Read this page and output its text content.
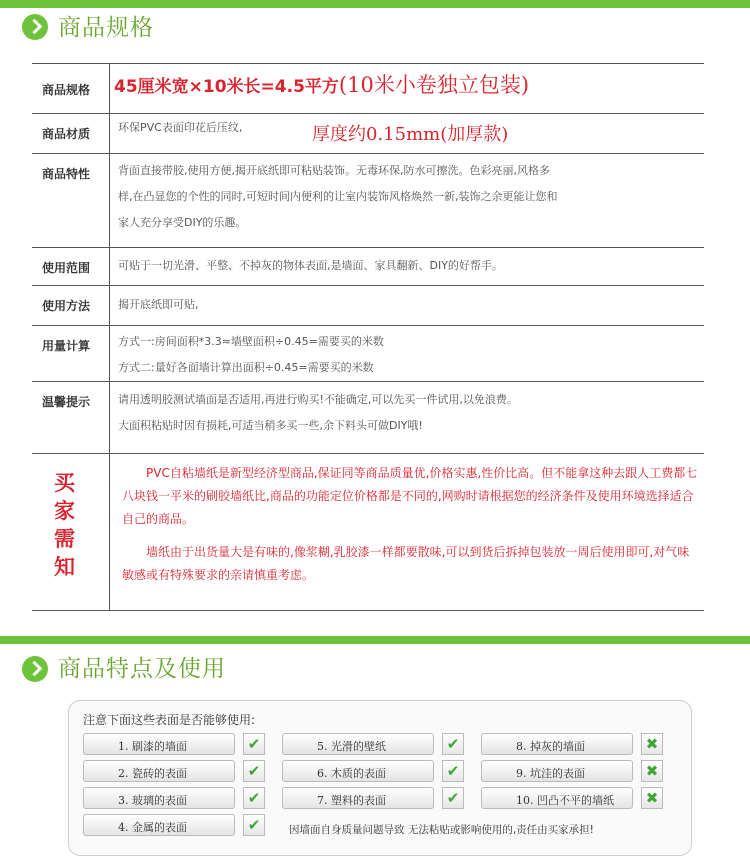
商品规格
商品规格	45厘米宽×10米长=4.5平方(10米小卷独立包装)
商品材质	环保PVC表面印花后压纹,	厚度约0.15mm(加厚款)
商品特性	背面直接带胶,使用方便,揭开底纸即可粘贴装饰。无毒环保,防水可擦洗。色彩亮丽,风格多
样,在凸显您的个性的同时,可短时间内便利的让室内装饰风格焕然一新,装饰之余更能让您和
家人充分享受DIY的乐趣。
使用范围	可贴于一切光滑、平整、不掉灰的物体表面,是墙面、家具翻新、DIY的好帮手。
使用方法	揭开底纸即可贴,
用量计算	方式一:房间面积*3.3≈墙壁面积÷0.45=需要买的米数
方式二:量好各面墙计算出面积÷0.45=需要买的米数
温馨提示	请用透明胶测试墙面是否适用,再进行购买!不能确定,可以先买一件试用,以免浪费。
大面积粘贴时因有损耗,可适当稍多买一些,余下料头可做DIY哦!
买家需知
PVC自粘墙纸是新型经济型商品,保证同等商品质量优,价格实惠,性价比高。但不能拿这种去跟人工费都七八块钱一平米的刷胶墙纸比,商品的功能定位价格都是不同的,网购时请根据您的经济条件及使用环境选择适合自己的商品。
墙纸由于出货量大是有味的,像浆糊,乳胶漆一样都要散味,可以到货后拆掉包装放一周后使用即可,对气味敏感或有特殊要求的亲请慎重考虑。
商品特点及使用
注意下面这些表面是否能够使用:
1. 刷漆的墙面	✔
2. 瓷砖的表面	✔
3. 玻璃的表面	✔
4. 金属的表面	✔
5. 光滑的壁纸	✔
6. 木质的表面	✔
7. 塑料的表面	✔
8. 掉灰的墙面	✖
9. 坑洼的表面	✖
10. 凹凸不平的墙纸	✖
因墙面自身质量问题导致 无法粘贴或影响使用的,责任由买家承担!
